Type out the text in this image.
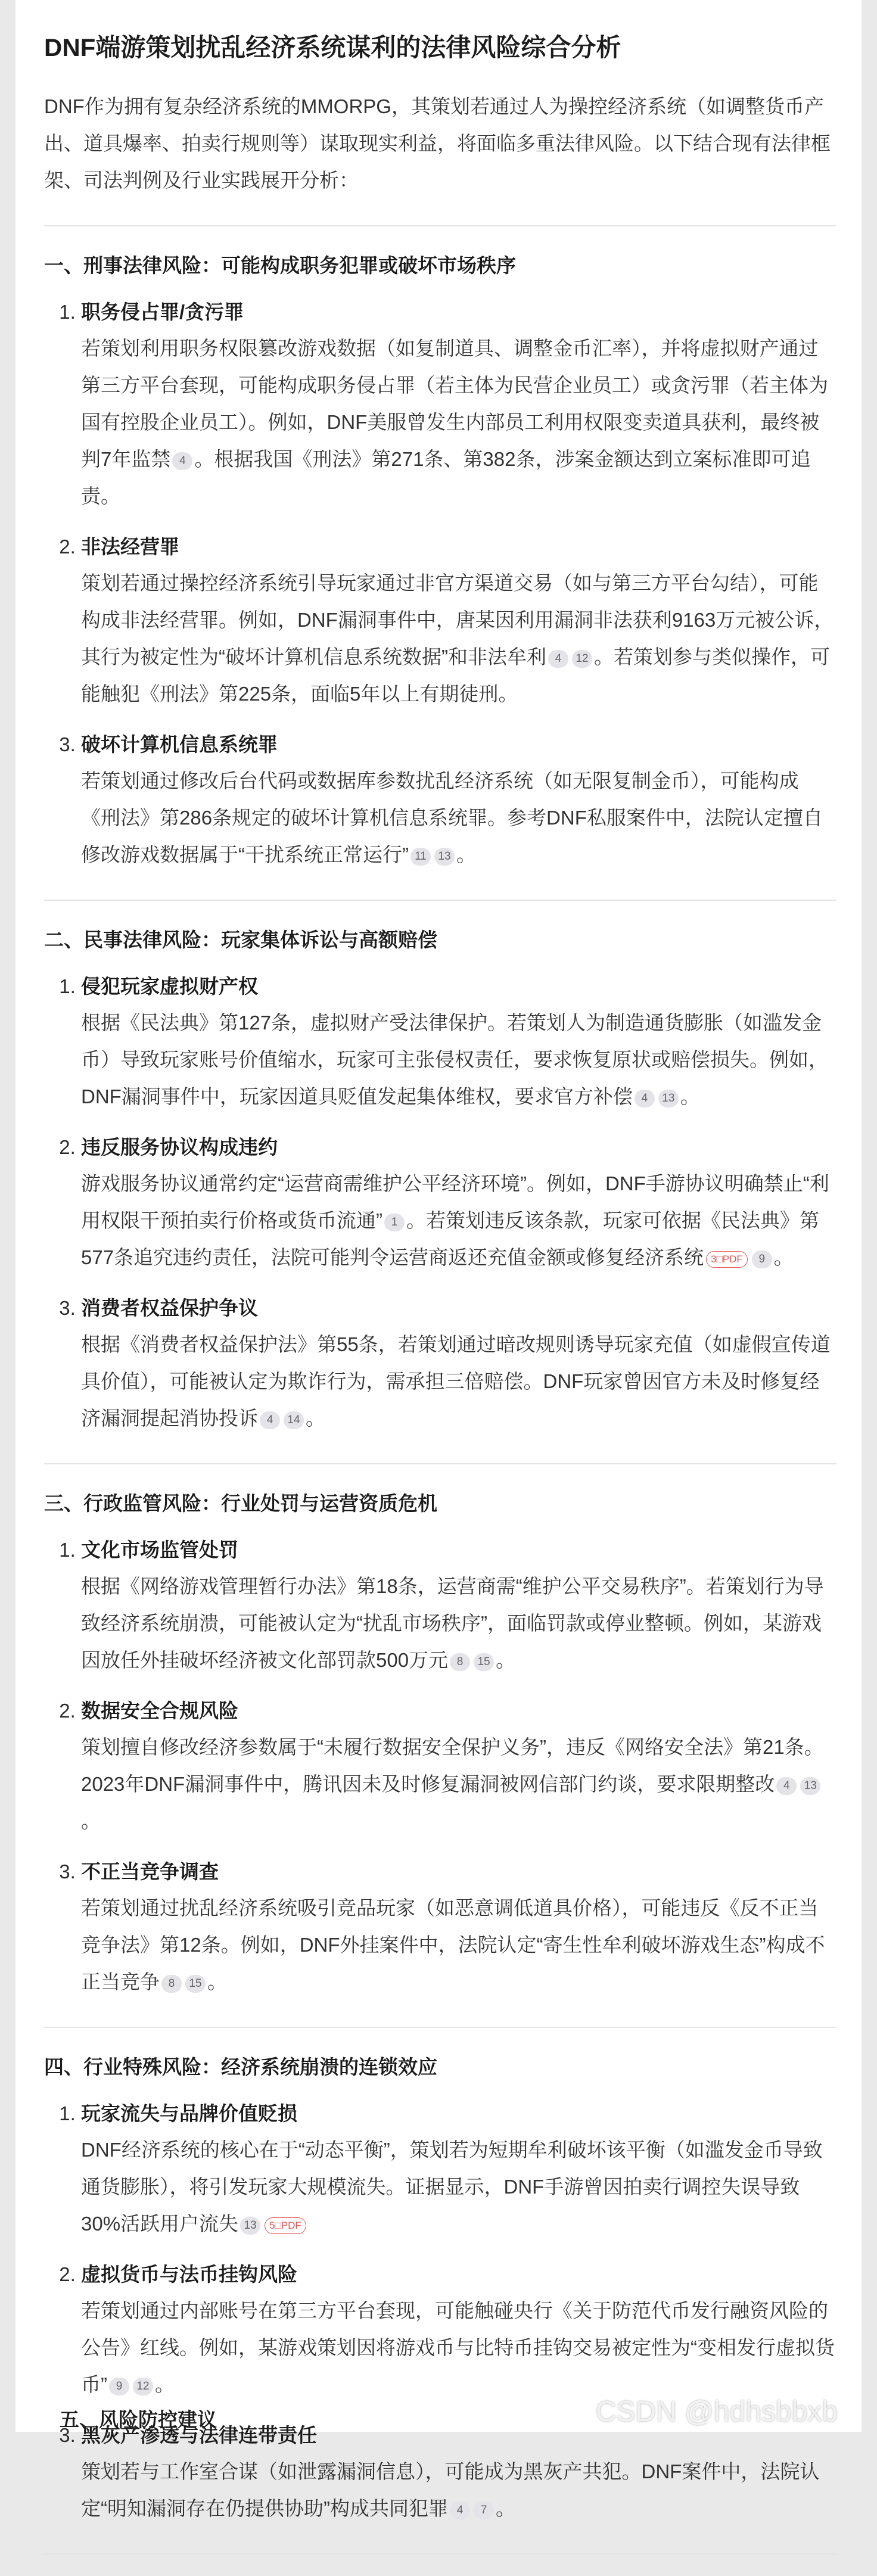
DNF端游策划扰乱经济系统谋利的法律风险综合分析
DNF作为拥有复杂经济系统的MMORPG，其策划若通过人为操控经济系统（如调整货币产出、道具爆率、拍卖行规则等）谋取现实利益，将面临多重法律风险。以下结合现有法律框架、司法判例及行业实践展开分析：
一、刑事法律风险：可能构成职务犯罪或破坏市场秩序
1. 职务侵占罪/贪污罪
若策划利用职务权限篡改游戏数据（如复制道具、调整金币汇率），并将虚拟财产通过第三方平台套现，可能构成职务侵占罪（若主体为民营企业员工）或贪污罪（若主体为国有控股企业员工）。例如，DNF美服曾发生内部员工利用权限变卖道具获利，最终被判7年监禁 4 。根据我国《刑法》第271条、第382条，涉案金额达到立案标准即可追责。
2. 非法经营罪
策划若通过操控经济系统引导玩家通过非官方渠道交易（如与第三方平台勾结），可能构成非法经营罪。例如，DNF漏洞事件中，唐某因利用漏洞非法获利9163万元被公诉，其行为被定性为“破坏计算机信息系统数据”和非法牟利 4 12 。若策划参与类似操作，可能触犯《刑法》第225条，面临5年以上有期徒刑。
3. 破坏计算机信息系统罪
若策划通过修改后台代码或数据库参数扰乱经济系统（如无限复制金币），可能构成《刑法》第286条规定的破坏计算机信息系统罪。参考DNF私服案件中，法院认定擅自修改游戏数据属于“干扰系统正常运行” 11 13 。
二、民事法律风险：玩家集体诉讼与高额赔偿
1. 侵犯玩家虚拟财产权
根据《民法典》第127条，虚拟财产受法律保护。若策划人为制造通货膨胀（如滥发金币）导致玩家账号价值缩水，玩家可主张侵权责任，要求恢复原状或赔偿损失。例如，DNF漏洞事件中，玩家因道具贬值发起集体维权，要求官方补偿 4 13 。
2. 违反服务协议构成违约
游戏服务协议通常约定“运营商需维护公平经济环境”。例如，DNF手游协议明确禁止“利用权限干预拍卖行价格或货币流通” 1 。若策划违反该条款，玩家可依据《民法典》第577条追究违约责任，法院可能判令运营商返还充值金额或修复经济系统 3□PDF 9 。
3. 消费者权益保护争议
根据《消费者权益保护法》第55条，若策划通过暗改规则诱导玩家充值（如虚假宣传道具价值），可能被认定为欺诈行为，需承担三倍赔偿。DNF玩家曾因官方未及时修复经济漏洞提起消协投诉 4 14 。
三、行政监管风险：行业处罚与运营资质危机
1. 文化市场监管处罚
根据《网络游戏管理暂行办法》第18条，运营商需“维护公平交易秩序”。若策划行为导致经济系统崩溃，可能被认定为“扰乱市场秩序”，面临罚款或停业整顿。例如，某游戏因放任外挂破坏经济被文化部罚款500万元 8 15 。
2. 数据安全合规风险
策划擅自修改经济参数属于“未履行数据安全保护义务”，违反《网络安全法》第21条。2023年DNF漏洞事件中，腾讯因未及时修复漏洞被网信部门约谈，要求限期整改 4 13。
3. 不正当竞争调查
若策划通过扰乱经济系统吸引竞品玩家（如恶意调低道具价格），可能违反《反不正当竞争法》第12条。例如，DNF外挂案件中，法院认定“寄生性牟利破坏游戏生态”构成不正当竞争 8 15 。
四、行业特殊风险：经济系统崩溃的连锁效应
1. 玩家流失与品牌价值贬损
DNF经济系统的核心在于“动态平衡”，策划若为短期牟利破坏该平衡（如滥发金币导致通货膨胀），将引发玩家大规模流失。证据显示，DNF手游曾因拍卖行调控失误导致30%活跃用户流失 13 5□PDF
2. 虚拟货币与法币挂钩风险
若策划通过内部账号在第三方平台套现，可能触碰央行《关于防范代币发行融资风险的公告》红线。例如，某游戏策划因将游戏币与比特币挂钩交易被定性为“变相发行虚拟货币” 9 12 。
3. 黑灰产渗透与法律连带责任
策划若与工作室合谋（如泄露漏洞信息），可能成为黑灰产共犯。DNF案件中，法院认定“明知漏洞存在仍提供协助”构成共同犯罪 4 7 。
五、风险防控建议	CSDN @hdhsbbxb
